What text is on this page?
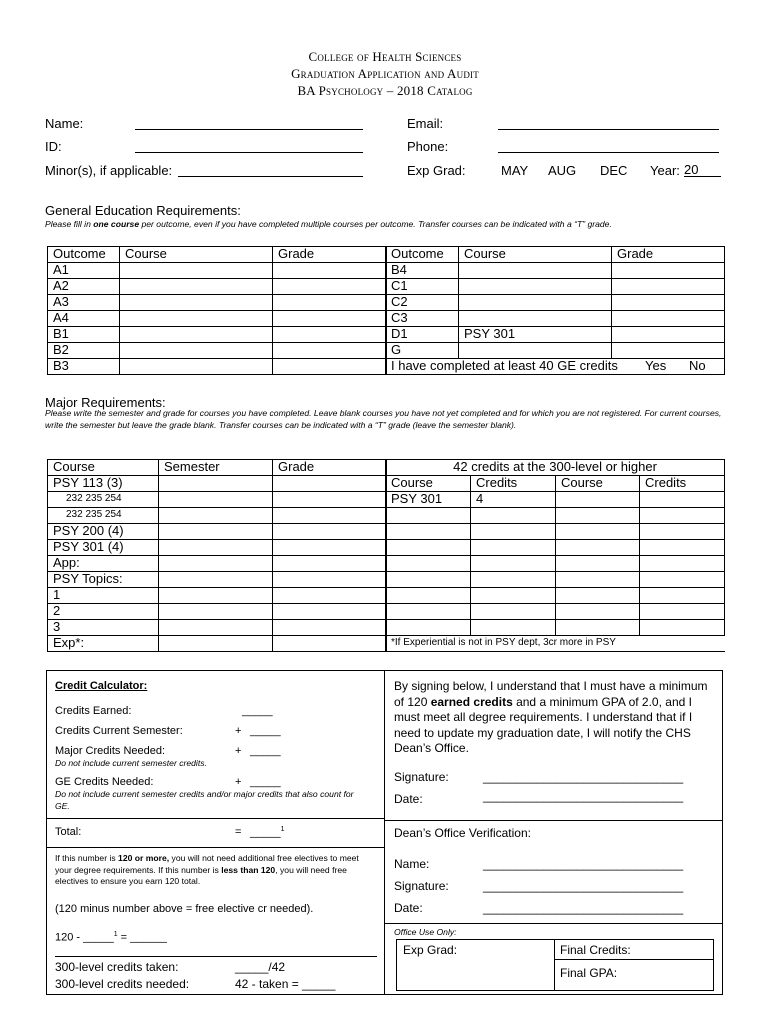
College of Health Sciences
Graduation Application and Audit
BA Psychology – 2018 Catalog
Name:
ID:
Minor(s), if applicable:
Email:
Phone:
Exp Grad:	MAY AUG DEC Year: 20
General Education Requirements:
Please fill in one course per outcome, even if you have completed multiple courses per outcome. Transfer courses can be indicated with a “T” grade.
Outcome	Course	Grade
A1		
A2		
A3		
A4		
B1		
B2		
B3		
Outcome	Course	Grade
B4		
C1		
C2		
C3		
D1	PSY 301	
G		
I have completed at least 40 GE credits Yes No		
Major Requirements:
Please write the semester and grade for courses you have completed. Leave blank courses you have not yet completed and for which you are not registered. For current courses, write the semester but leave the grade blank. Transfer courses can be indicated with a “T” grade (leave the semester blank).
Course	Semester	Grade
PSY 113 (3)		
232 235 254		
232 235 254		
PSY 200 (4)		
PSY 301 (4)		
App:		
PSY Topics:		
1		
2		
3		
Exp*:		
42 credits at the 300-level or higher			
Course	Credits	Course	Credits
PSY 301	4		

*If Experiential is not in PSY dept, 3cr more in PSY			
Credit Calculator:
Credits Earned:	_____
Credits Current Semester:	+ _____
Major Credits Needed:	+ _____
Do not include current semester credits.
GE Credits Needed:	+ _____
Do not include current semester credits and/or major credits that also count for GE.
Total:	= _____$^1$
If this number is 120 or more, you will not need additional free electives to meet your degree requirements. If this number is less than 120, you will need free electives to ensure you earn 120 total.
(120 minus number above = free elective cr needed).
120 - _____$^1$ = ______
300-level credits taken:	_____/42
300-level credits needed:	42 - taken = _____
By signing below, I understand that I must have a minimum of 120 earned credits and a minimum GPA of 2.0, and I must meet all degree requirements. I understand that if I need to update my graduation date, I will notify the CHS Dean’s Office.
Signature:	______________________________
Date:	______________________________
Dean’s Office Verification:
Name:	______________________________
Signature:	______________________________
Date:	______________________________
Office Use Only:
Exp Grad:	Final Credits:
Final GPA:
